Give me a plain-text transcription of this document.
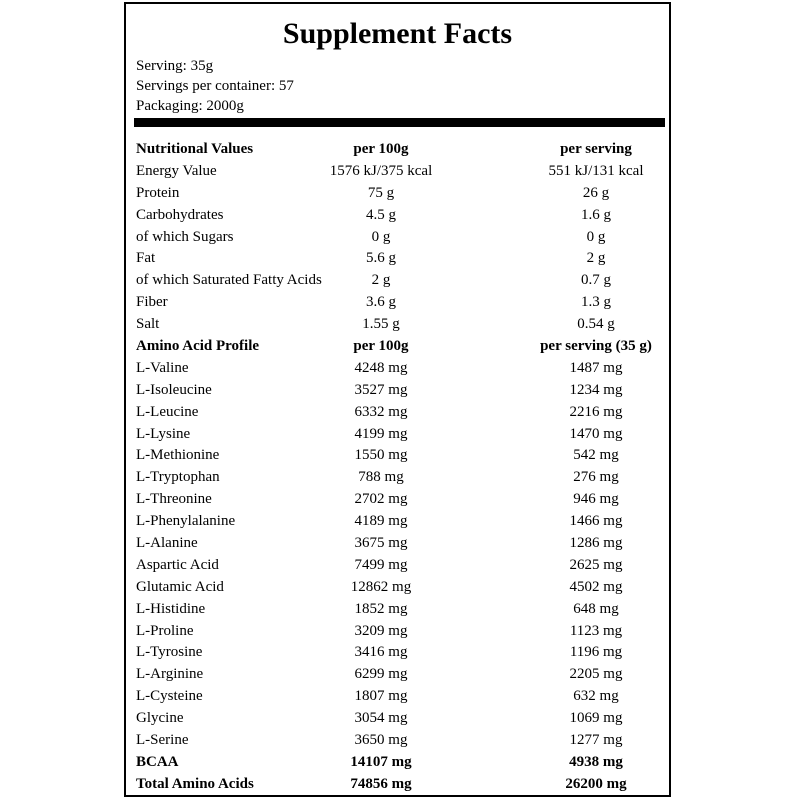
Supplement Facts
Serving: 35g
Servings per container: 57
Packaging: 2000g
Nutritional Values	per 100g	per serving
Energy Value	1576 kJ/375 kcal	551 kJ/131 kcal
Protein	75 g	26 g
Carbohydrates	4.5 g	1.6 g
of which Sugars	0 g	0 g
Fat	5.6 g	2 g
of which Saturated Fatty Acids	2 g	0.7 g
Fiber	3.6 g	1.3 g
Salt	1.55 g	0.54 g
Amino Acid Profile	per 100g	per serving (35 g)
L-Valine	4248 mg	1487 mg
L-Isoleucine	3527 mg	1234 mg
L-Leucine	6332 mg	2216 mg
L-Lysine	4199 mg	1470 mg
L-Methionine	1550 mg	542 mg
L-Tryptophan	788 mg	276 mg
L-Threonine	2702 mg	946 mg
L-Phenylalanine	4189 mg	1466 mg
L-Alanine	3675 mg	1286 mg
Aspartic Acid	7499 mg	2625 mg
Glutamic Acid	12862 mg	4502 mg
L-Histidine	1852 mg	648 mg
L-Proline	3209 mg	1123 mg
L-Tyrosine	3416 mg	1196 mg
L-Arginine	6299 mg	2205 mg
L-Cysteine	1807 mg	632 mg
Glycine	3054 mg	1069 mg
L-Serine	3650 mg	1277 mg
BCAA	14107 mg	4938 mg
Total Amino Acids	74856 mg	26200 mg
